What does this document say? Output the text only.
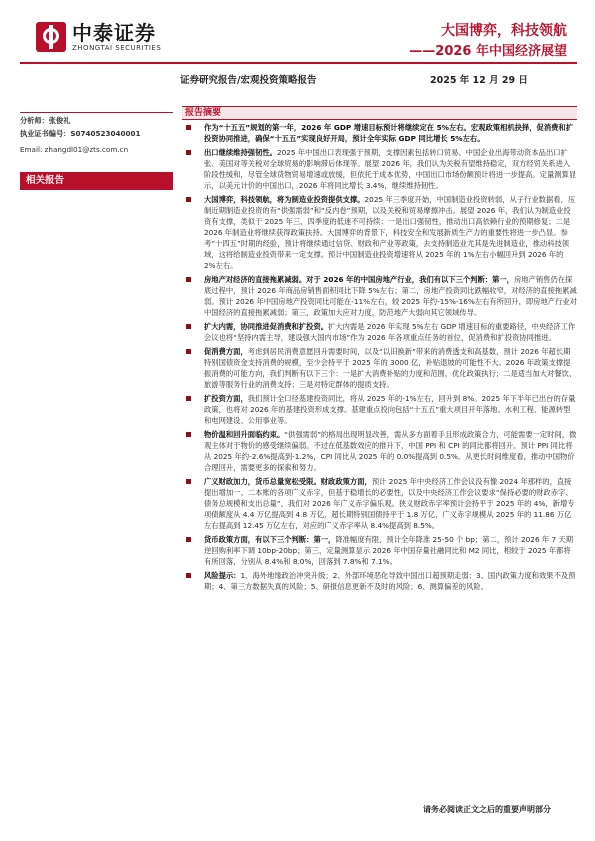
中泰证券
ZHONGTAI SECURITIES
大国博弈，科技领航
——2026 年中国经济展望
证券研究报告/宏观投资策略报告	2025 年 12 月 29 日
分析师：张俊礼
执业证书编号：S0740523040001
Email: zhangdl01@zts.com.cn
相关报告
报告摘要
作为“十五五”规划的第一年，2026 年 GDP 增速目标预计将继续定在 5%左右。宏观政策相机抉择，促消费和扩投资协同推进，确保“十五五”实现良好开局，预计全年实际 GDP 同比增长 5%左右。
出口继续维持强韧性。2025 年中国出口表现强于预期，支撑因素包括转口贸易、中国企业出海带动资本品出口扩张、美国对等关税对全球贸易的影响滞后体现等。展望 2026 年，我们认为关税有望维持稳定，双方经贸关系进入阶段性缓和，尽管全球货物贸易增速或放缓，但依托于成本优势，中国出口市场份额预计将进一步提高。定量测算显示，以美元计价的中国出口，2026 年将同比增长 3.4%，继续维持韧性。
大国博弈，科技领航，将为制造业投资提供支撑。2025 年三季度开始，中国制造业投资转弱，从子行业数据看，压制近期制造业投资的有“供强需弱”和“反内卷”预期，以及关税和贸易摩擦冲击。展望 2026 年，我们认为制造业投资有支撑，类似于 2025 年三、四季度的低迷不可持续：一是出口强韧性，推动出口高依赖行业的预期修复；二是 2026 年制造业将继续获得政策扶持。大国博弈的背景下，科技安全和发展新质生产力的重要性将进一步凸显。参考“十四五”时期的经验，预计将继续通过信贷、财政和产业等政策，去支持制造业尤其是先进制造业，推动科技领域，这将给制造业投资带来一定支撑。预计中国制造业投资增速将从 2025 年的 1%左右小幅回升到 2026 年的 2%左右。
房地产对经济的直接拖累减弱。对于 2026 年的中国房地产行业，我们有以下三个判断：第一，房地产销售仍在探底过程中，预计 2026 年商品房销售面积同比下降 5%左右；第二，房地产投资同比跌幅收窄，对经济的直接拖累减弱。预计 2026 年中国房地产投资同比可能在-11%左右，较 2025 年约-15%-16%左右有所回升，即房地产行业对中国经济的直接拖累减弱；第三，政策加大应对力度，防范地产大弱向其它领域传导。
扩大内需，协同推进促消费和扩投资。扩大内需是 2026 年实现 5%左右 GDP 增速目标的重要路径，中央经济工作会议也将“坚持内需主导，建设强大国内市场”作为 2026 年各项重点任务的首位，促消费和扩投资协同推进。
促消费方面，考虑到居民消费意愿回升需要时间，以及“以旧换新”带来的消费透支和高基数，预计 2026 年超长期特别国债资金支持消费的规模，至少会持平于 2025 年的 3000 亿，补贴退坡的可能性不大。2026 年政策支撑提振消费的可能方向，我们判断有以下三个：一是扩大消费补贴的力度和范围，优化政策执行；二是适当加大对餐饮、旅游等服务行业的消费支持；三是对特定群体的提质支持。
扩投资方面，我们预计全口径基建投资同比，将从 2025 年的-1%左右，回升到 8%。2025 年下半年已出台的存量政策，也将对 2026 年的基建投资形成支撑。基建重点投向包括“十五五”重大项目开年落地、水利工程、能源转型和电网建设、公用事业等。
物价温和回升面临约束。“供强需弱”的格局出现明显改善，需从多方面着手且形成政策合力，可能需要一定时间，微观主体对于物价的感受继续偏弱。不过在低基数效应的推升下，中国 PPI 和 CPI 的同比都将回升。预计 PPI 同比将从 2025 年约-2.6%提高到-1.2%，CPI 同比从 2025 年的 0.0%提高到 0.5%。从更长时间维度看，推动中国物价合理回升，需要更多的探索和努力。
广义财政加力，货币总量宽松受限。财政政策方面，预计 2025 年中央经济工作会议没有像 2024 年那样的，直接提出增加一、二本账的各项广义赤字，但基于稳增长的必要性，以及中央经济工作会议要求“保持必要的财政赤字、债务总规模和支出总量”，我们对 2026 年广义赤字偏乐观。狭义财政赤字率预计会持平于 2025 年的 4%，新增专项债额度从 4.4 万亿提高到 4.8 万亿，超长期特别国债持平于 1.8 万亿，广义赤字规模从 2025 年的 11.86 万亿左右提高到 12.45 万亿左右，对应的广义赤字率从 8.4%提高到 8.5%。
货币政策方面，有以下三个判断：第一，降准幅度有限，预计全年降准 25-50 个 bp；第二，预计 2026 年 7 天期逆回购利率下调 10bp-20bp；第三，定量测算显示 2026 年中国存量社融同比和 M2 同比，相较于 2025 年都将有所回落，分别从 8.4%和 8.0%，回落到 7.8%和 7.1%。
风险提示：1、海外地缘政治冲突升级；2、外部环境恶化导致中国出口超预期走弱；3、国内政策力度和效果不及预期；4、第三方数据失真的风险；5、研报信息更新不及时的风险；6、测算偏差的风险。
请务必阅读正文之后的重要声明部分
